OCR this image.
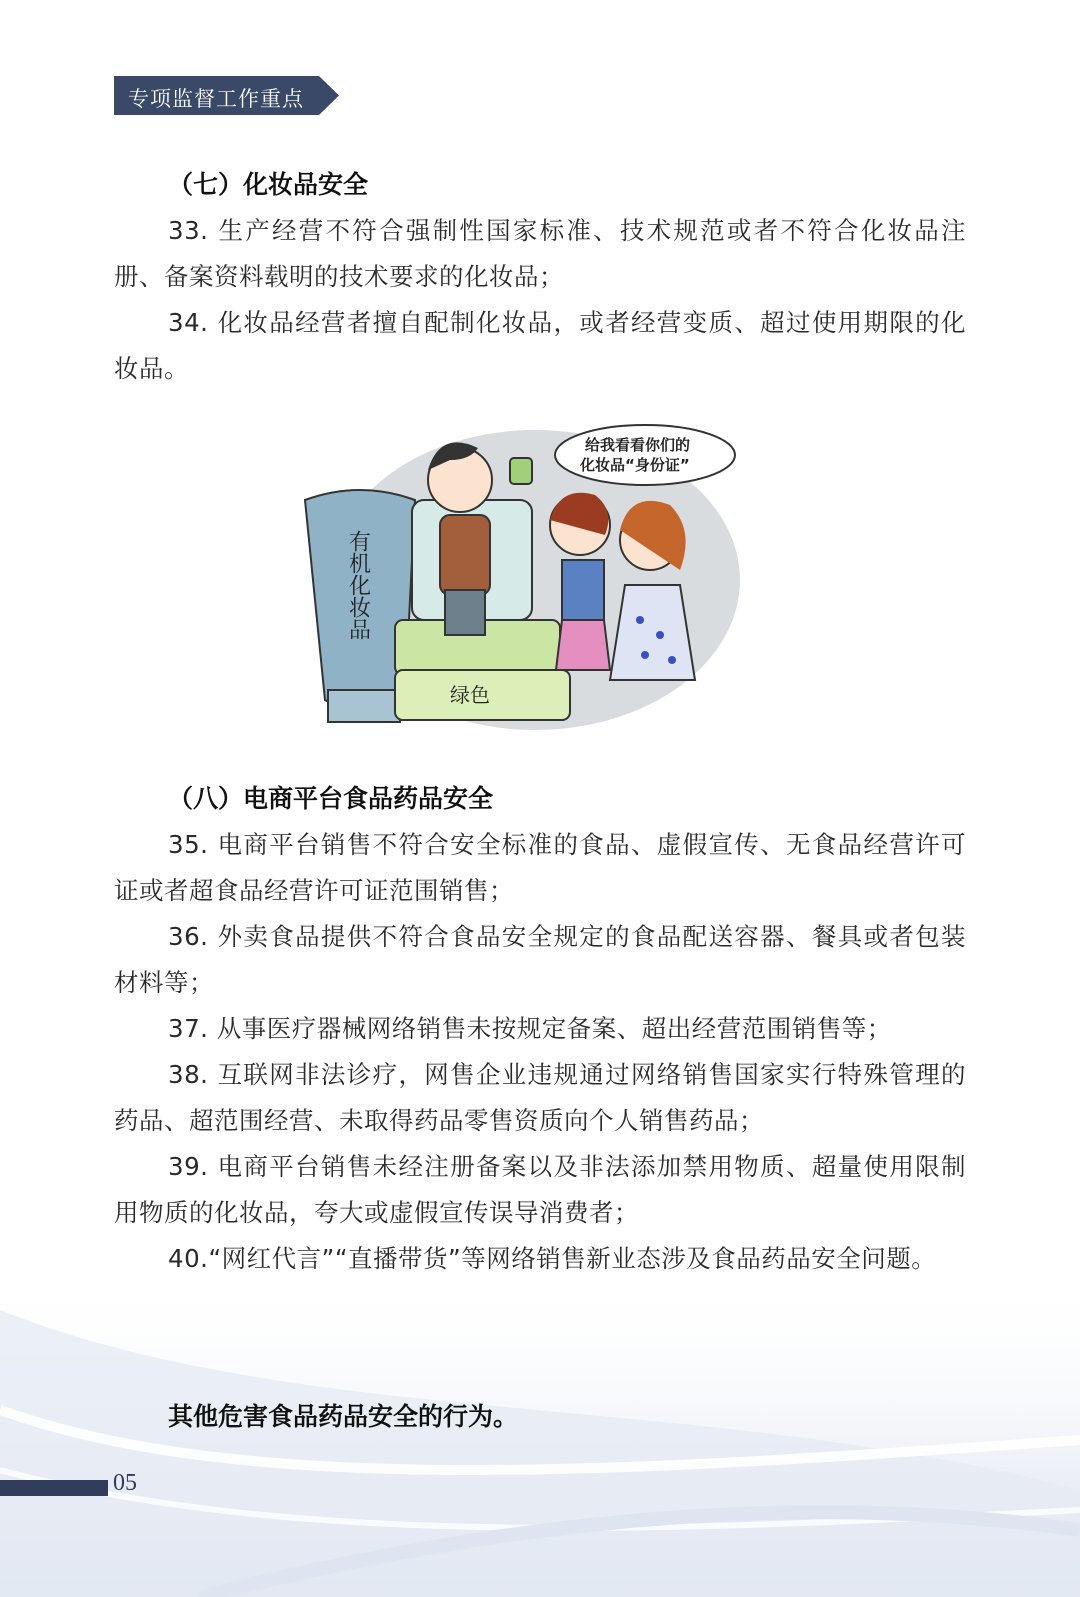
专项监督工作重点
（七）化妆品安全

33. 生产经营不符合强制性国家标准、技术规范或者不符合化妆品注册、备案资料载明的技术要求的化妆品；

34. 化妆品经营者擅自配制化妆品，或者经营变质、超过使用期限的化妆品。

有机化妆品
绿色
给我看看你们的
化妆品“身份证”
（八）电商平台食品药品安全

35. 电商平台销售不符合安全标准的食品、虚假宣传、无食品经营许可证或者超食品经营许可证范围销售；

36. 外卖食品提供不符合食品安全规定的食品配送容器、餐具或者包装材料等；

37. 从事医疗器械网络销售未按规定备案、超出经营范围销售等；

38. 互联网非法诊疗，网售企业违规通过网络销售国家实行特殊管理的药品、超范围经营、未取得药品零售资质向个人销售药品；

39. 电商平台销售未经注册备案以及非法添加禁用物质、超量使用限制用物质的化妆品，夸大或虚假宣传误导消费者；

40.“网红代言”“直播带货”等网络销售新业态涉及食品药品安全问题。

其他危害食品药品安全的行为。
05
